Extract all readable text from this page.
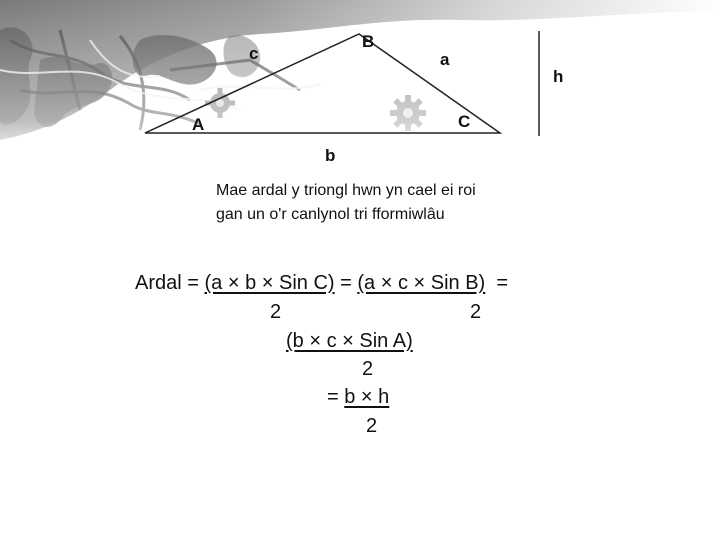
B
c	a
h
A	C
b
Mae ardal y triongl hwn yn cael ei roi
gan un o'r canlynol tri fformiwlâu
Ardal = (a × b × Sin C) = (a × c × Sin B) =
2	2
(b × c × Sin A)
2
= b × h
2
